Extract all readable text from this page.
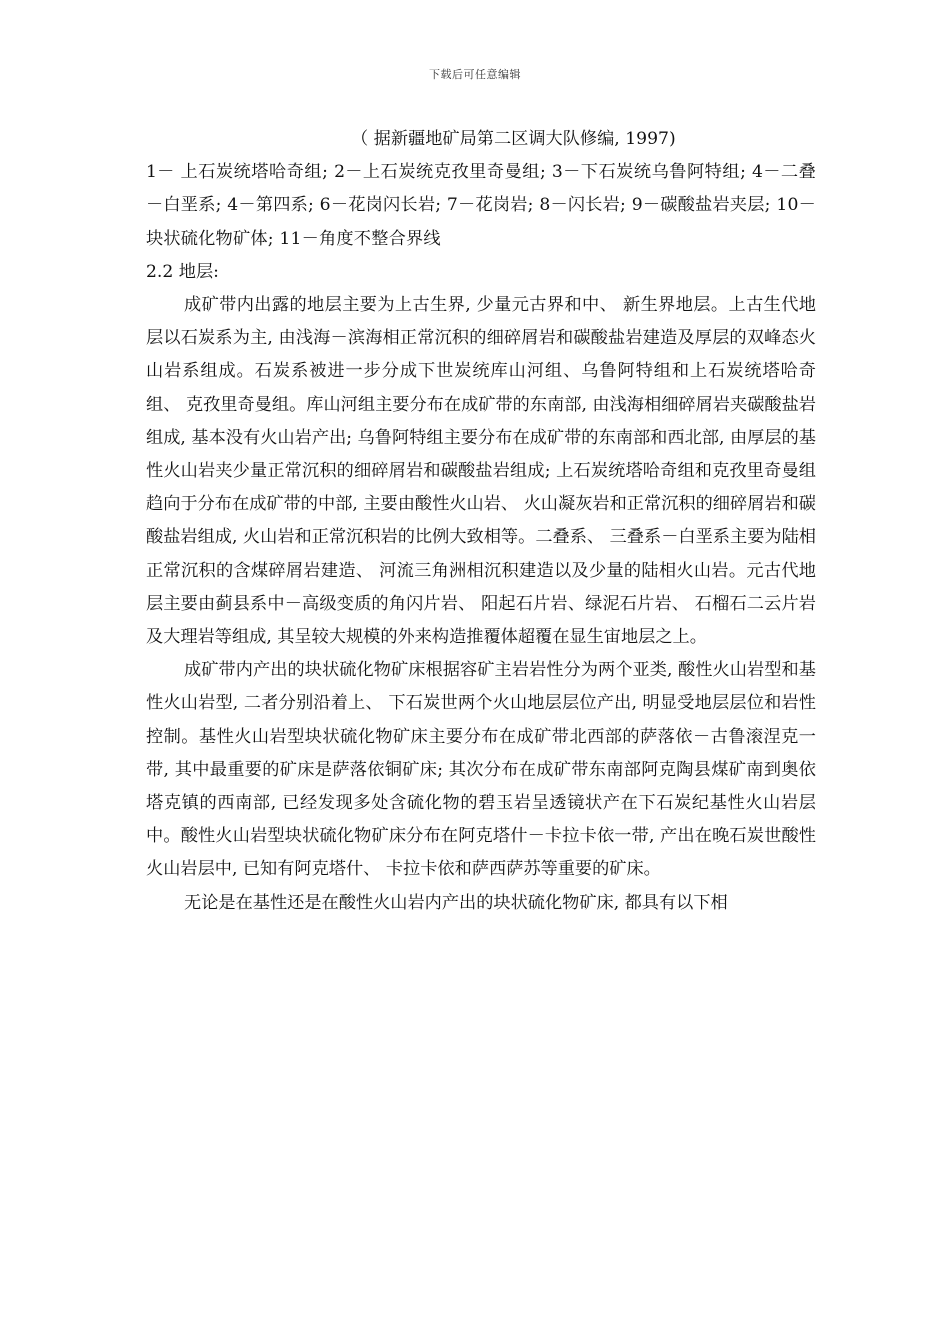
下载后可任意编辑

（ 据新疆地矿局第二区调大队修编, 1997)

1－ 上石炭统塔哈奇组; 2－上石炭统克孜里奇曼组; 3－下石炭统乌鲁阿特组; 4－二叠－白垩系; 4－第四系; 6－花岗闪长岩; 7－花岗岩; 8－闪长岩; 9－碳酸盐岩夹层; 10－块状硫化物矿体; 11－角度不整合界线

2.2 地层:

成矿带内出露的地层主要为上古生界, 少量元古界和中、 新生界地层。上古生代地层以石炭系为主, 由浅海－滨海相正常沉积的细碎屑岩和碳酸盐岩建造及厚层的双峰态火山岩系组成。石炭系被进一步分成下世炭统库山河组、乌鲁阿特组和上石炭统塔哈奇组、 克孜里奇曼组。库山河组主要分布在成矿带的东南部, 由浅海相细碎屑岩夹碳酸盐岩组成, 基本没有火山岩产出; 乌鲁阿特组主要分布在成矿带的东南部和西北部, 由厚层的基性火山岩夹少量正常沉积的细碎屑岩和碳酸盐岩组成; 上石炭统塔哈奇组和克孜里奇曼组趋向于分布在成矿带的中部, 主要由酸性火山岩、 火山凝灰岩和正常沉积的细碎屑岩和碳酸盐岩组成, 火山岩和正常沉积岩的比例大致相等。二叠系、 三叠系－白垩系主要为陆相正常沉积的含煤碎屑岩建造、 河流三角洲相沉积建造以及少量的陆相火山岩。元古代地层主要由蓟县系中－高级变质的角闪片岩、 阳起石片岩、绿泥石片岩、 石榴石二云片岩及大理岩等组成, 其呈较大规模的外来构造推覆体超覆在显生宙地层之上。

成矿带内产出的块状硫化物矿床根据容矿主岩岩性分为两个亚类, 酸性火山岩型和基性火山岩型, 二者分别沿着上、 下石炭世两个火山地层层位产出, 明显受地层层位和岩性控制。基性火山岩型块状硫化物矿床主要分布在成矿带北西部的萨落依－古鲁滚涅克一带, 其中最重要的矿床是萨落依铜矿床; 其次分布在成矿带东南部阿克陶县煤矿南到奥依塔克镇的西南部, 已经发现多处含硫化物的碧玉岩呈透镜状产在下石炭纪基性火山岩层中。酸性火山岩型块状硫化物矿床分布在阿克塔什－卡拉卡依一带, 产出在晚石炭世酸性火山岩层中, 已知有阿克塔什、 卡拉卡依和萨西萨苏等重要的矿床。

无论是在基性还是在酸性火山岩内产出的块状硫化物矿床, 都具有以下相
